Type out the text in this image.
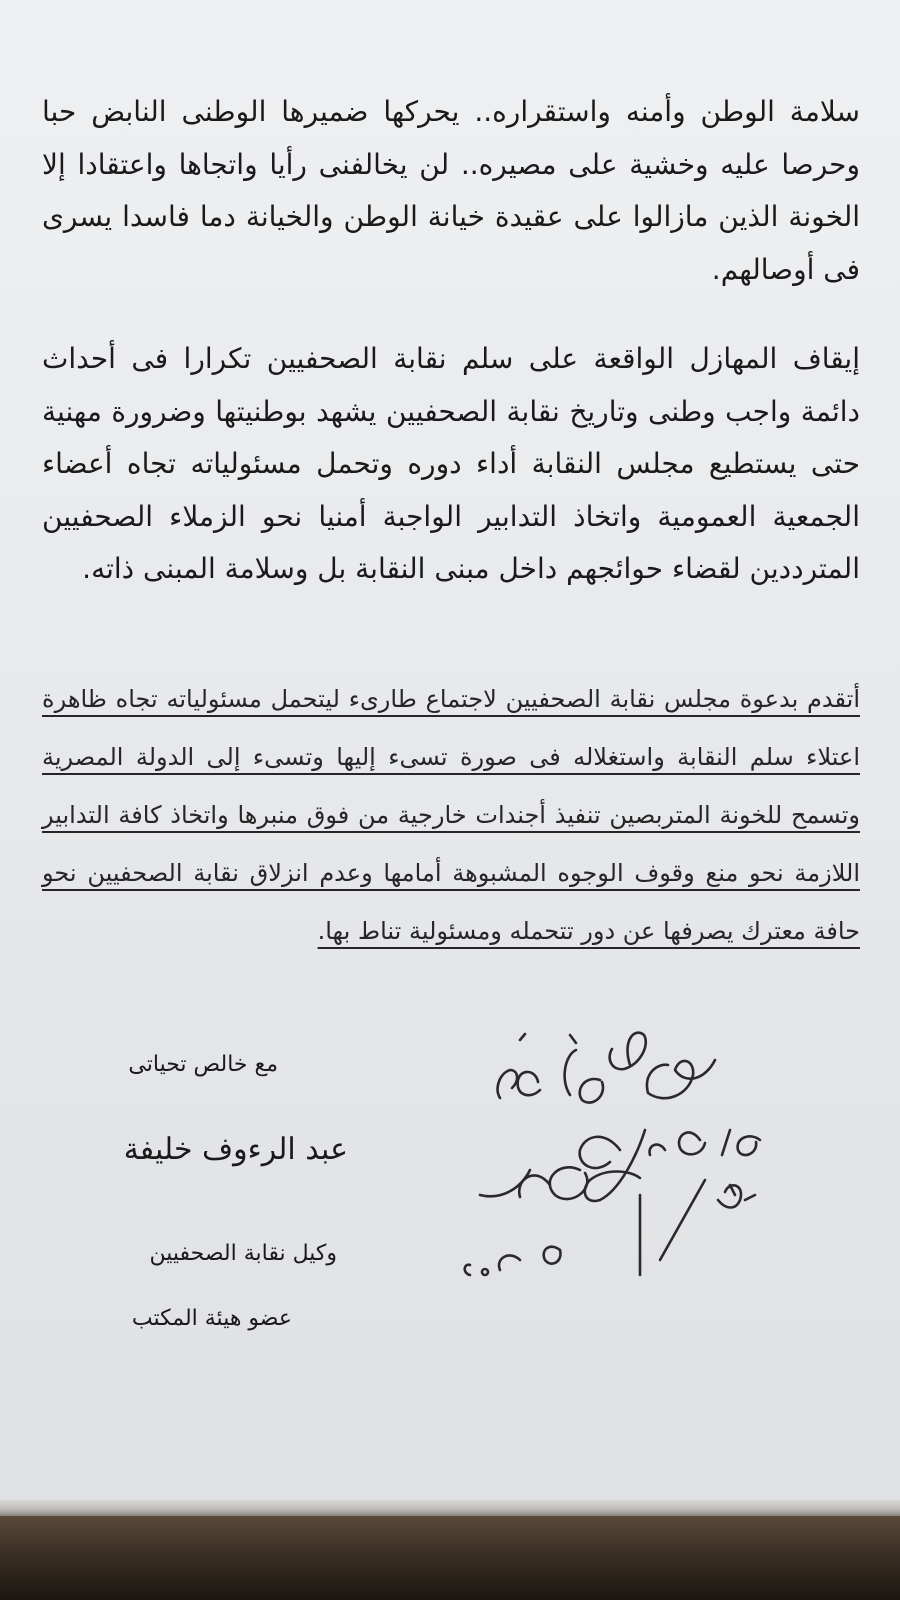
سلامة الوطن وأمنه واستقراره.. يحركها ضميرها الوطنى النابض حبا وحرصا عليه وخشية على مصيره.. لن يخالفنى رأيا واتجاها واعتقادا إلا الخونة الذين مازالوا على عقيدة خيانة الوطن والخيانة دما فاسدا يسرى فى أوصالهم.

إيقاف المهازل الواقعة على سلم نقابة الصحفيين تكرارا فى أحداث دائمة واجب وطنى وتاريخ نقابة الصحفيين يشهد بوطنيتها وضرورة مهنية حتى يستطيع مجلس النقابة أداء دوره وتحمل مسئولياته تجاه أعضاء الجمعية العمومية واتخاذ التدابير الواجبة أمنيا نحو الزملاء الصحفيين المترددين لقضاء حوائجهم داخل مبنى النقابة بل وسلامة المبنى ذاته.

أتقدم بدعوة مجلس نقابة الصحفيين لاجتماع طارىء ليتحمل مسئولياته تجاه ظاهرة اعتلاء سلم النقابة واستغلاله فى صورة تسىء إليها وتسىء إلى الدولة المصرية وتسمح للخونة المتربصين تنفيذ أجندات خارجية من فوق منبرها واتخاذ كافة التدابير اللازمة نحو منع وقوف الوجوه المشبوهة أمامها وعدم انزلاق نقابة الصحفيين نحو حافة معترك يصرفها عن دور تتحمله ومسئولية تناط بها.

مع خالص تحياتى
عبد الرءوف خليفة
وكيل نقابة الصحفيين
عضو هيئة المكتب
